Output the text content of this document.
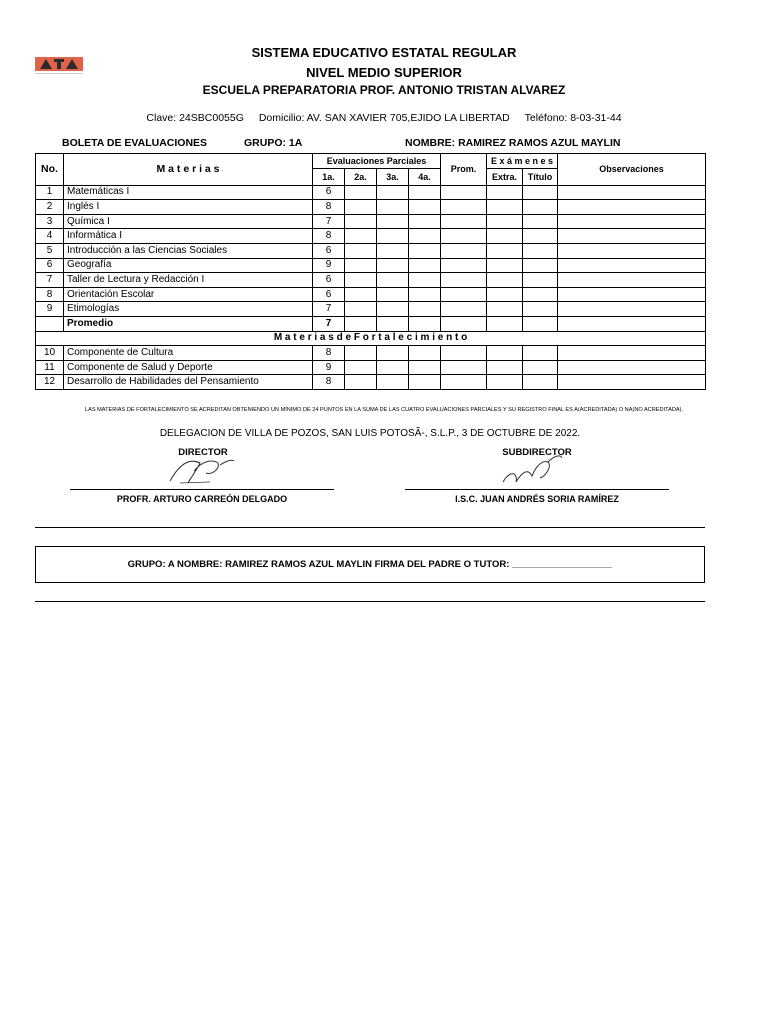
SISTEMA EDUCATIVO ESTATAL REGULAR
NIVEL MEDIO SUPERIOR
ESCUELA PREPARATORIA PROF. ANTONIO TRISTAN ALVAREZ
Clave: 24SBC0055G Domicilio: AV. SAN XAVIER 705,EJIDO LA LIBERTAD Teléfono: 8-03-31-44
BOLETA DE EVALUACIONES	GRUPO: 1A	NOMBRE: RAMIREZ RAMOS AZUL MAYLIN
No.	M a t e r i a s	Evaluaciones Parciales				Prom.	E x á m e n e s		Observaciones
		1a.	2a.	3a.	4a.		Extra.	Título	
1	Matemáticas I	6							
2	Inglés I	8							
3	Química I	7							
4	Informática I	8							
5	Introducción a las Ciencias Sociales	6							
6	Geografía	9							
7	Taller de Lectura y Redacción I	6							
8	Orientación Escolar	6							
9	Etimologías	7							
	Promedio	7							
M a t e r i a s d e F o r t a l e c i m i e n t o									
10	Componente de Cultura	8							
11	Componente de Salud y Deporte	9							
12	Desarrollo de Habilidades del Pensamiento	8							
LAS MATERIAS DE FORTALECIMIENTO SE ACREDITAN OBTENIENDO UN MÍNIMO DE 24 PUNTOS EN LA SUMA DE LAS CUATRO EVALUACIONES PARCIALES Y SU REGISTRO FINAL ES A(ACREDITADA) O NA(NO ACREDITADA).
DELEGACION DE VILLA DE POZOS, SAN LUIS POTOSÃ-, S.L.P., 3 DE OCTUBRE DE 2022.
DIRECTOR
PROFR. ARTURO CARREÓN DELGADO
SUBDIRECTOR
I.S.C. JUAN ANDRÉS SORIA RAMÍREZ
GRUPO: A NOMBRE: RAMIREZ RAMOS AZUL MAYLIN FIRMA DEL PADRE O TUTOR: ___________________
